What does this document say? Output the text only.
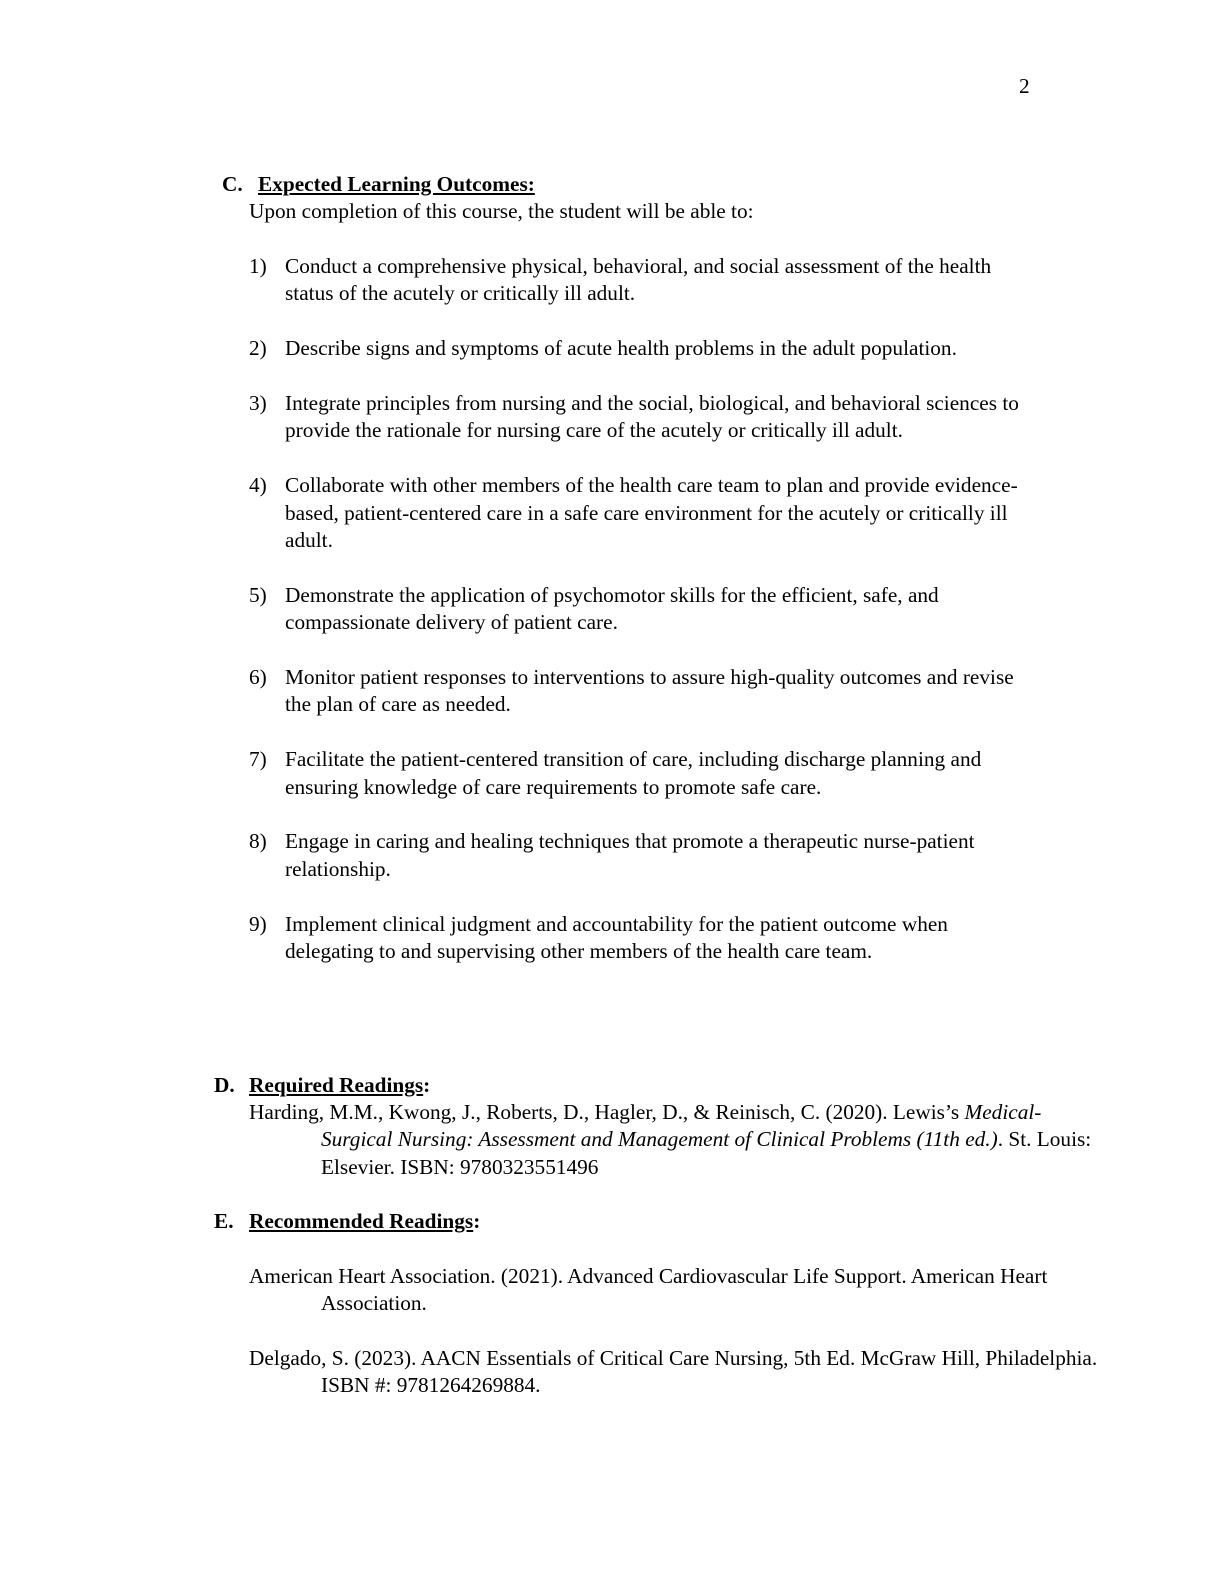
2
C. Expected Learning Outcomes:
Upon completion of this course, the student will be able to:
1) Conduct a comprehensive physical, behavioral, and social assessment of the health status of the acutely or critically ill adult.
2) Describe signs and symptoms of acute health problems in the adult population.
3) Integrate principles from nursing and the social, biological, and behavioral sciences to provide the rationale for nursing care of the acutely or critically ill adult.
4) Collaborate with other members of the health care team to plan and provide evidence-based, patient-centered care in a safe care environment for the acutely or critically ill adult.
5) Demonstrate the application of psychomotor skills for the efficient, safe, and compassionate delivery of patient care.
6) Monitor patient responses to interventions to assure high-quality outcomes and revise the plan of care as needed.
7) Facilitate the patient-centered transition of care, including discharge planning and ensuring knowledge of care requirements to promote safe care.
8) Engage in caring and healing techniques that promote a therapeutic nurse-patient relationship.
9) Implement clinical judgment and accountability for the patient outcome when delegating to and supervising other members of the health care team.
D. Required Readings:
Harding, M.M., Kwong, J., Roberts, D., Hagler, D., & Reinisch, C. (2020). Lewis’s Medical-Surgical Nursing: Assessment and Management of Clinical Problems (11th ed.). St. Louis: Elsevier. ISBN: 9780323551496
E. Recommended Readings:
American Heart Association. (2021). Advanced Cardiovascular Life Support. American Heart Association.
Delgado, S. (2023). AACN Essentials of Critical Care Nursing, 5th Ed. McGraw Hill, Philadelphia. ISBN #: 9781264269884.
